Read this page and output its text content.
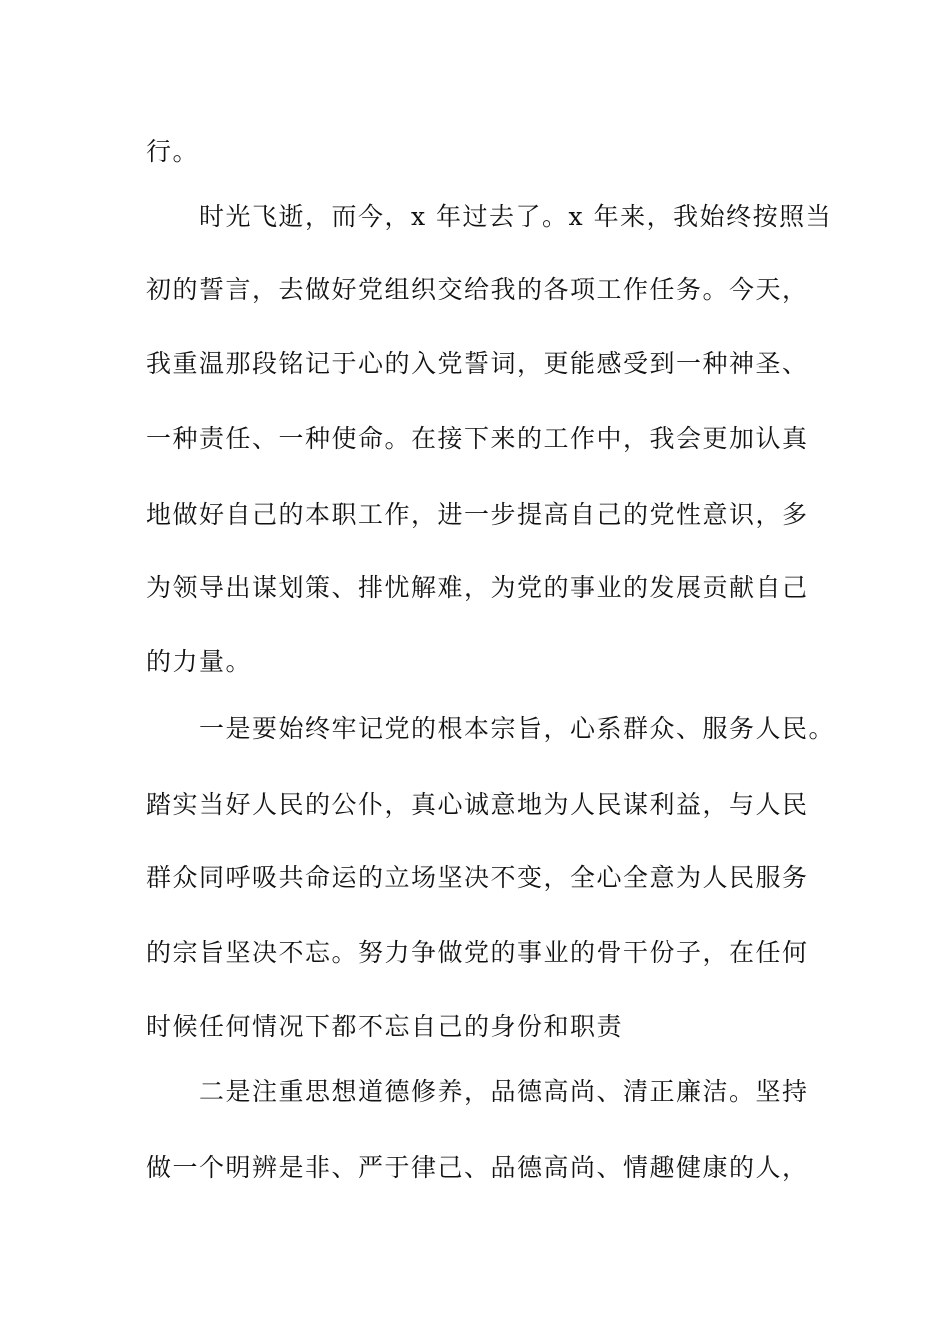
行。
时光飞逝，而今，x 年过去了。x 年来，我始终按照当
初的誓言，去做好党组织交给我的各项工作任务。今天，
我重温那段铭记于心的入党誓词，更能感受到一种神圣、
一种责任、一种使命。在接下来的工作中，我会更加认真
地做好自己的本职工作，进一步提高自己的党性意识，多
为领导出谋划策、排忧解难，为党的事业的发展贡献自己
的力量。
一是要始终牢记党的根本宗旨，心系群众、服务人民。
踏实当好人民的公仆，真心诚意地为人民谋利益，与人民
群众同呼吸共命运的立场坚决不变，全心全意为人民服务
的宗旨坚决不忘。努力争做党的事业的骨干份子，在任何
时候任何情况下都不忘自己的身份和职责
二是注重思想道德修养，品德高尚、清正廉洁。坚持
做一个明辨是非、严于律己、品德高尚、情趣健康的人，
